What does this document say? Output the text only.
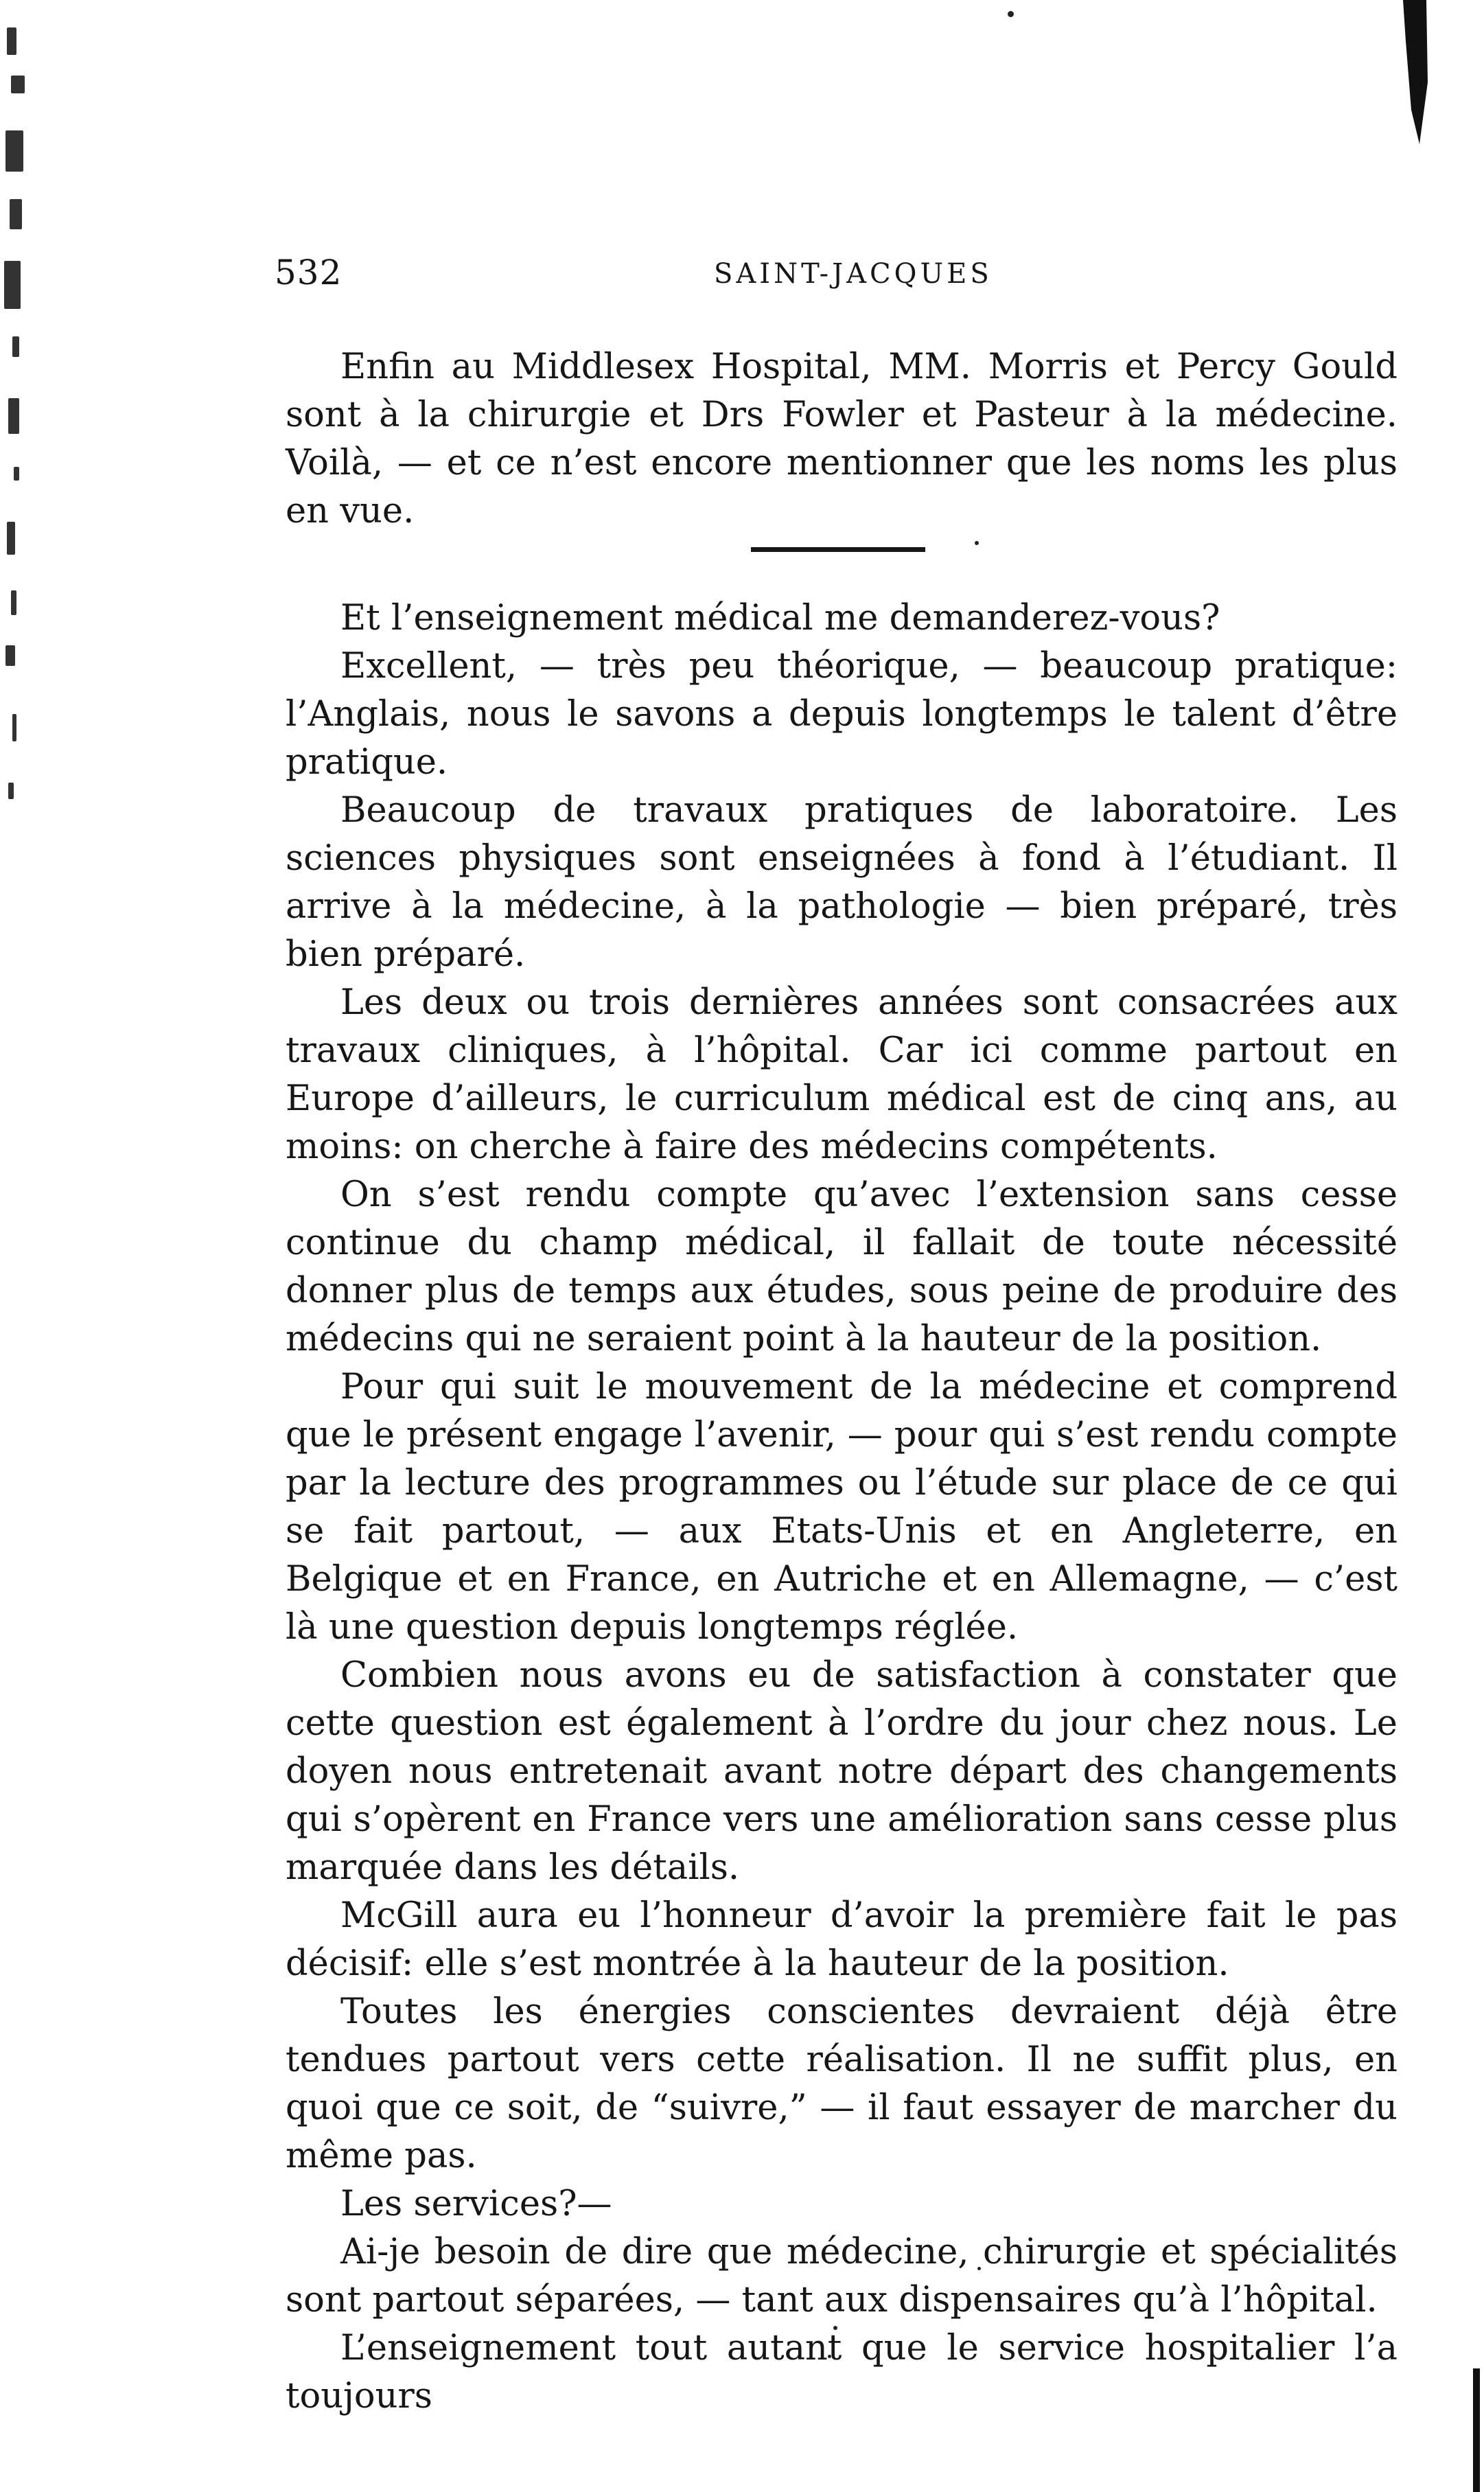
532	SAINT-JACQUES

Enfin au Middlesex Hospital, MM. Morris et Percy Gould sont à la chirurgie et Drs Fowler et Pasteur à la médecine. Voilà, — et ce n’est encore mentionner que les noms les plus en vue.

Et l’enseignement médical me demanderez-vous?

Excellent, — très peu théorique, — beaucoup pratique: l’Anglais, nous le savons a depuis longtemps le talent d’être pratique.

Beaucoup de travaux pratiques de laboratoire. Les sciences physiques sont enseignées à fond à l’étudiant. Il arrive à la médecine, à la pathologie — bien préparé, très bien préparé.

Les deux ou trois dernières années sont consacrées aux travaux cliniques, à l’hôpital. Car ici comme partout en Europe d’ailleurs, le curriculum médical est de cinq ans, au moins: on cherche à faire des médecins compétents.

On s’est rendu compte qu’avec l’extension sans cesse continue du champ médical, il fallait de toute nécessité donner plus de temps aux études, sous peine de produire des médecins qui ne seraient point à la hauteur de la position.

Pour qui suit le mouvement de la médecine et comprend que le présent engage l’avenir, — pour qui s’est rendu compte par la lecture des programmes ou l’étude sur place de ce qui se fait partout, — aux Etats-Unis et en Angleterre, en Belgique et en France, en Autriche et en Allemagne, — c’est là une question depuis longtemps réglée.

Combien nous avons eu de satisfaction à constater que cette question est également à l’ordre du jour chez nous. Le doyen nous entretenait avant notre départ des changements qui s’opèrent en France vers une amélioration sans cesse plus marquée dans les détails.

McGill aura eu l’honneur d’avoir la première fait le pas décisif: elle s’est montrée à la hauteur de la position.

Toutes les énergies conscientes devraient déjà être tendues partout vers cette réalisation. Il ne suffit plus, en quoi que ce soit, de “suivre,” — il faut essayer de marcher du même pas.

Les services?—

Ai-je besoin de dire que médecine, chirurgie et spécialités sont partout séparées, — tant aux dispensaires qu’à l’hôpital.

L’enseignement tout autant que le service hospitalier l’a toujours
